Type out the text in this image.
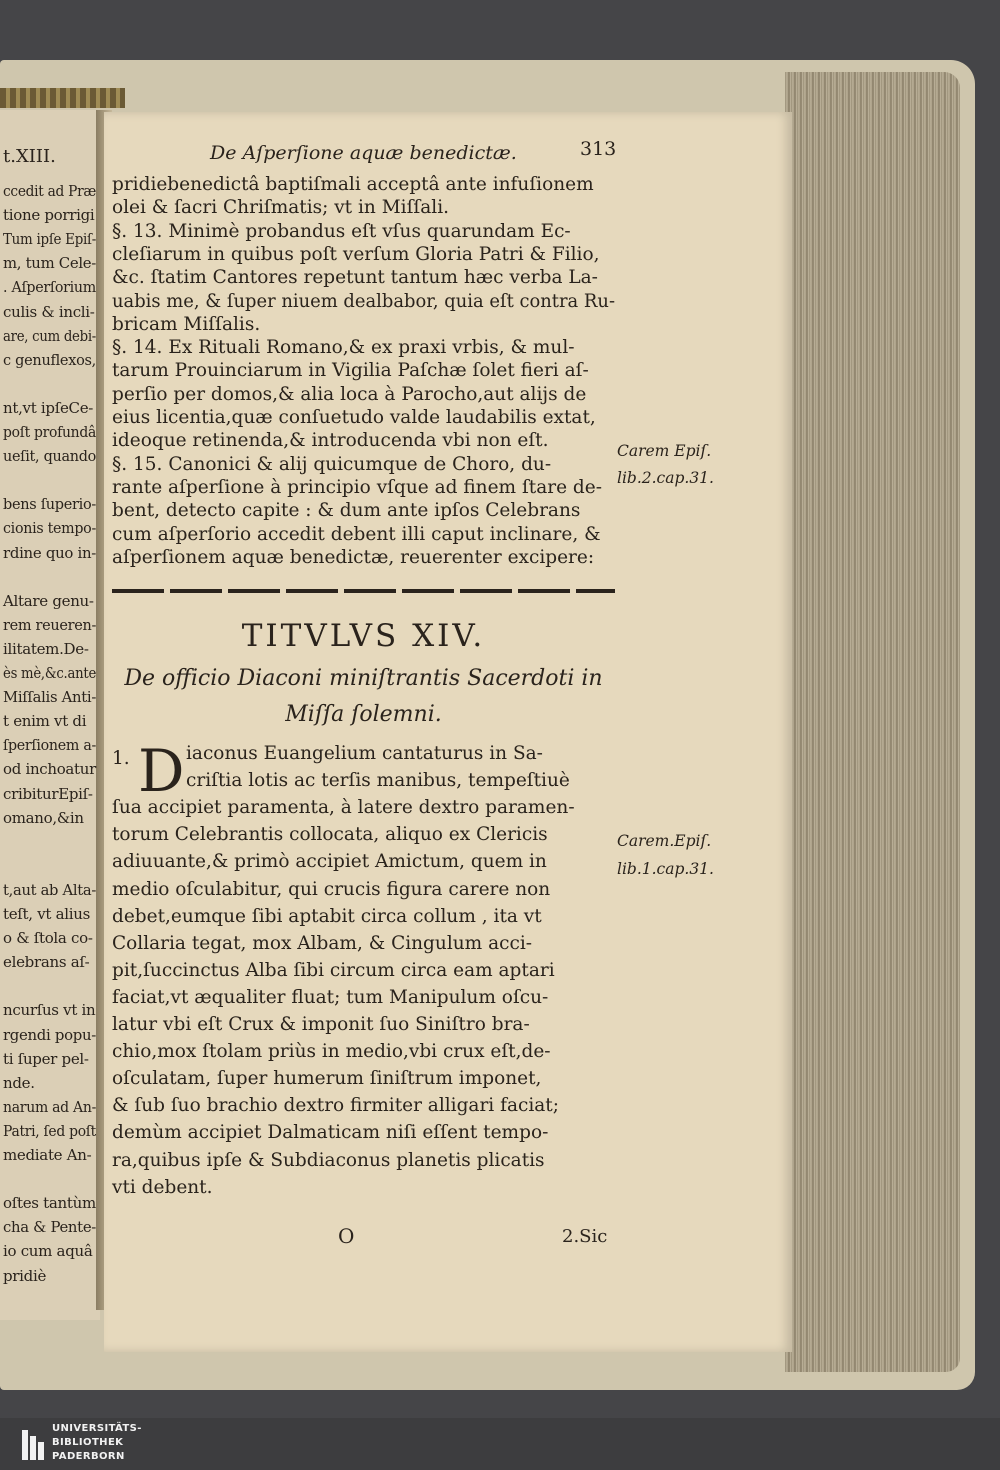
t.XIII.
ccedit ad Præ
tione porrigi
Tum ipſe Epiſ-
m, tum Cele-
. Aſperſorium
culis & incli-
are, cum debi-
c genuflexos,
nt,vt ipſeCe-
poſt profundâ
ueſit, quando
bens ſuperio-
cionis tempo-
rdine quo in-
Altare genu-
rem reueren-
ilitatem.De-
ès mè,&c.ante
Miſſalis Anti-
t enim vt di
ſperſionem a-
od inchoatur
cribiturEpiſ-
omano,&in
t,aut ab Alta-
teſt, vt alius
o & ſtola co-
elebrans aſ-
ncurſus vt in
rgendi popu-
ti ſuper pel-
nde.
narum ad An-
Patri, ſed poſt
mediate An-
oſtes tantùm
cha & Pente-
io cum aquâ
pridiè
De Aſperſione aquæ benedictæ.	313
pridiebenedictâ baptiſmali acceptâ ante infuſionem
olei & ſacri Chriſmatis; vt in Miſſali.
§. 13. Minimè probandus eſt vſus quarundam Ec-
cleſiarum in quibus poſt verſum Gloria Patri & Filio,
&c. ſtatim Cantores repetunt tantum hæc verba La-
uabis me, & ſuper niuem dealbabor, quia eſt contra Ru-
bricam Miſſalis.
§. 14. Ex Rituali Romano,& ex praxi vrbis, & mul-
tarum Prouinciarum in Vigilia Paſchæ ſolet fieri aſ-
perſio per domos,& alia loca à Parocho,aut alijs de
eius licentia,quæ conſuetudo valde laudabilis extat,
ideoque retinenda,& introducenda vbi non eſt.
§. 15. Canonici & alij quicumque de Choro, du-
rante aſperſione à principio vſque ad finem ſtare de-
bent, detecto capite : & dum ante ipſos Celebrans
cum aſperſorio accedit debent illi caput inclinare, &
aſperſionem aquæ benedictæ, reuerenter excipere:
Carem Epiſ.
lib.2.cap.31.
TITVLVS XIV.
De officio Diaconi miniſtrantis Sacerdoti in
Miſſa ſolemni.
1. D iaconus Euangelium cantaturus in Sa-
criſtia lotis ac terſis manibus, tempeſtiuè
ſua accipiet paramenta, à latere dextro paramen-
torum Celebrantis collocata, aliquo ex Clericis
adiuuante,& primò accipiet Amictum, quem in
medio oſculabitur, qui crucis figura carere non
debet,eumque ſibi aptabit circa collum , ita vt
Collaria tegat, mox Albam, & Cingulum acci-
pit,ſuccinctus Alba ſibi circum circa eam aptari
faciat,vt æqualiter fluat; tum Manipulum oſcu-
latur vbi eſt Crux & imponit ſuo Siniſtro bra-
chio,mox ſtolam priùs in medio,vbi crux eſt,de-
oſculatam, ſuper humerum ſiniſtrum imponet,
& ſub ſuo brachio dextro firmiter alligari faciat;
demùm accipiet Dalmaticam niſi eſſent tempo-
ra,quibus ipſe & Subdiaconus planetis plicatis
vti debent.
Carem.Epiſ.
lib.1.cap.31.
O	2.Sic
UNIVERSITÄTS-
BIBLIOTHEK
PADERBORN
